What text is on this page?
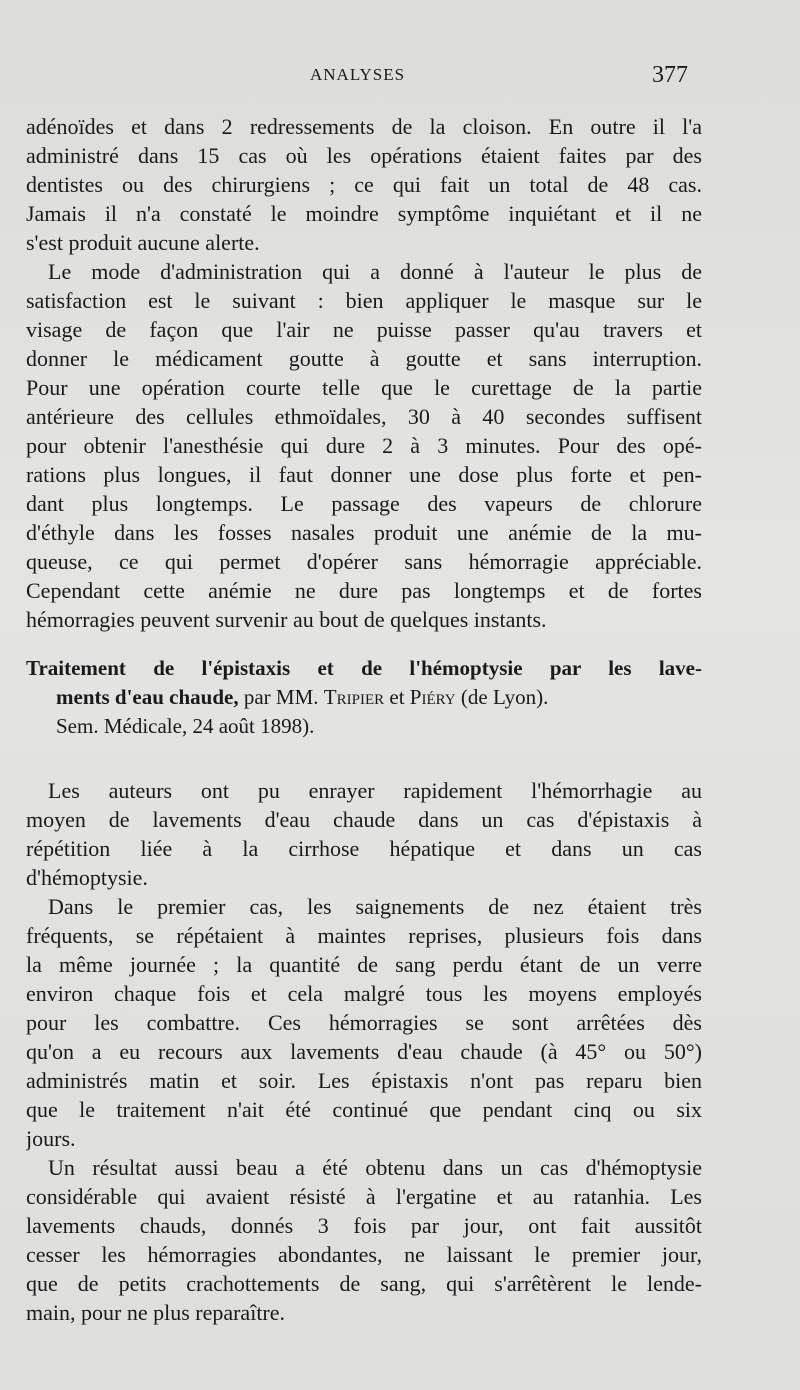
ANALYSES	377
adénoïdes et dans 2 redressements de la cloison. En outre il l'a
administré dans 15 cas où les opérations étaient faites par des
dentistes ou des chirurgiens ; ce qui fait un total de 48 cas.
Jamais il n'a constaté le moindre symptôme inquiétant et il ne
s'est produit aucune alerte.
Le mode d'administration qui a donné à l'auteur le plus de
satisfaction est le suivant : bien appliquer le masque sur le
visage de façon que l'air ne puisse passer qu'au travers et
donner le médicament goutte à goutte et sans interruption.
Pour une opération courte telle que le curettage de la partie
antérieure des cellules ethmoïdales, 30 à 40 secondes suffisent
pour obtenir l'anesthésie qui dure 2 à 3 minutes. Pour des opé-
rations plus longues, il faut donner une dose plus forte et pen-
dant plus longtemps. Le passage des vapeurs de chlorure
d'éthyle dans les fosses nasales produit une anémie de la mu-
queuse, ce qui permet d'opérer sans hémorragie appréciable.
Cependant cette anémie ne dure pas longtemps et de fortes
hémorragies peuvent survenir au bout de quelques instants.
Traitement de l'épistaxis et de l'hémoptysie par les lave-
ments d'eau chaude, par MM. Tripier et Piéry (de Lyon).
Sem. Médicale, 24 août 1898).
Les auteurs ont pu enrayer rapidement l'hémorrhagie au
moyen de lavements d'eau chaude dans un cas d'épistaxis à
répétition liée à la cirrhose hépatique et dans un cas
d'hémoptysie.
Dans le premier cas, les saignements de nez étaient très
fréquents, se répétaient à maintes reprises, plusieurs fois dans
la même journée ; la quantité de sang perdu étant de un verre
environ chaque fois et cela malgré tous les moyens employés
pour les combattre. Ces hémorragies se sont arrêtées dès
qu'on a eu recours aux lavements d'eau chaude (à 45° ou 50°)
administrés matin et soir. Les épistaxis n'ont pas reparu bien
que le traitement n'ait été continué que pendant cinq ou six
jours.
Un résultat aussi beau a été obtenu dans un cas d'hémoptysie
considérable qui avaient résisté à l'ergatine et au ratanhia. Les
lavements chauds, donnés 3 fois par jour, ont fait aussitôt
cesser les hémorragies abondantes, ne laissant le premier jour,
que de petits crachottements de sang, qui s'arrêtèrent le lende-
main, pour ne plus reparaître.
